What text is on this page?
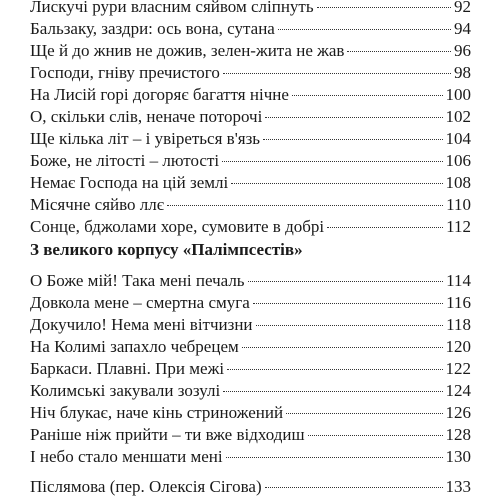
Лискучі рури власним сяйвом сліпнуть	92
Бальзаку, заздри: ось вона, сутана	94
Ще й до жнив не дожив, зелен-жита не жав	96
Господи, гніву пречистого	98
На Лисій горі догоряє багаття нічне	100
О, скільки слів, неначе поторочі	102
Ще кілька літ – і увіреться в'язь	104
Боже, не літості – лютості	106
Немає Господа на цій землі	108
Місячне сяйво ллє	110
Сонце, бджолами хоре, сумовите в добрі	112
З великого корпусу «Палімпсестів»
О Боже мій! Така мені печаль	114
Довкола мене – смертна смуга	116
Докучило! Нема мені вітчизни	118
На Колимі запахло чебрецем	120
Баркаси. Плавні. При межі	122
Колимські закували зозулі	124
Ніч блукає, наче кінь стриножений	126
Раніше ніж прийти – ти вже відходиш	128
І небо стало меншати мені	130
Післямова (пер. Олексія Сігова)	133
